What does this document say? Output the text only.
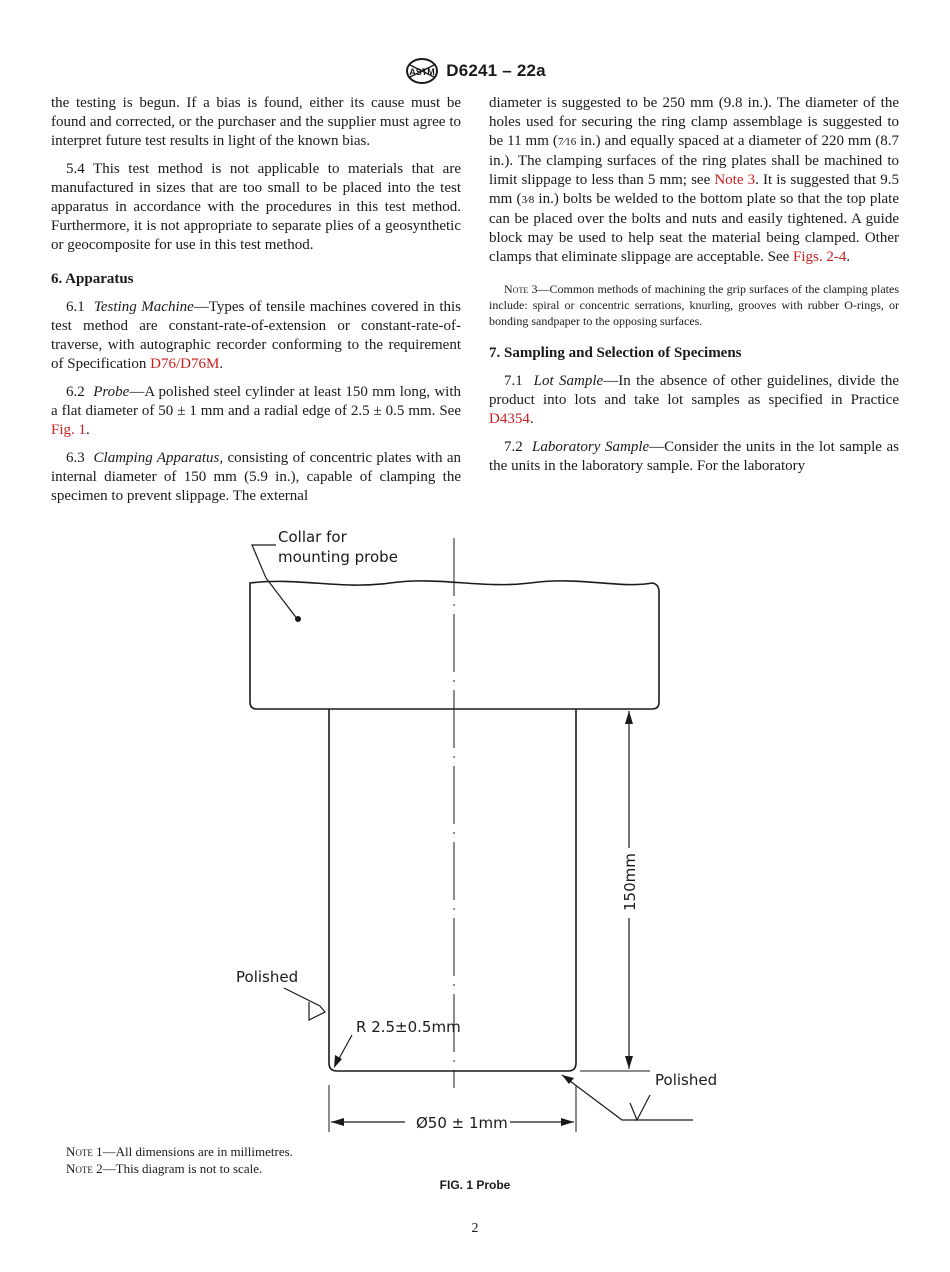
ASTM D6241 – 22a

the testing is begun. If a bias is found, either its cause must be found and corrected, or the purchaser and the supplier must agree to interpret future test results in light of the known bias.

5.4 This test method is not applicable to materials that are manufactured in sizes that are too small to be placed into the test apparatus in accordance with the procedures in this test method. Furthermore, it is not appropriate to separate plies of a geosynthetic or geocomposite for use in this test method.

6. Apparatus

6.1 Testing Machine—Types of tensile machines covered in this test method are constant-rate-of-extension or constant-rate-of-traverse, with autographic recorder conforming to the requirement of Specification D76/D76M.

6.2 Probe—A polished steel cylinder at least 150 mm long, with a flat diameter of 50 ± 1 mm and a radial edge of 2.5 ± 0.5 mm. See Fig. 1.

6.3 Clamping Apparatus, consisting of concentric plates with an internal diameter of 150 mm (5.9 in.), capable of clamping the specimen to prevent slippage. The external

diameter is suggested to be 250 mm (9.8 in.). The diameter of the holes used for securing the ring clamp assemblage is suggested to be 11 mm (7⁄16 in.) and equally spaced at a diameter of 220 mm (8.7 in.). The clamping surfaces of the ring plates shall be machined to limit slippage to less than 5 mm; see Note 3. It is suggested that 9.5 mm (3⁄8 in.) bolts be welded to the bottom plate so that the top plate can be placed over the bolts and nuts and easily tightened. A guide block may be used to help seat the material being clamped. Other clamps that eliminate slippage are acceptable. See Figs. 2-4.

Note 3—Common methods of machining the grip surfaces of the clamping plates include: spiral or concentric serrations, knurling, grooves with rubber O-rings, or bonding sandpaper to the opposing surfaces.
7. Sampling and Selection of Specimens

7.1 Lot Sample—In the absence of other guidelines, divide the product into lots and take lot samples as specified in Practice D4354.

7.2 Laboratory Sample—Consider the units in the lot sample as the units in the laboratory sample. For the laboratory

Collar for
mounting probe
Polished
R 2.5±0.5mm
150mm
Ø50 ± 1mm
Polished
Note 1—All dimensions are in millimetres.
Note 2—This diagram is not to scale.
FIG. 1 Probe
2
